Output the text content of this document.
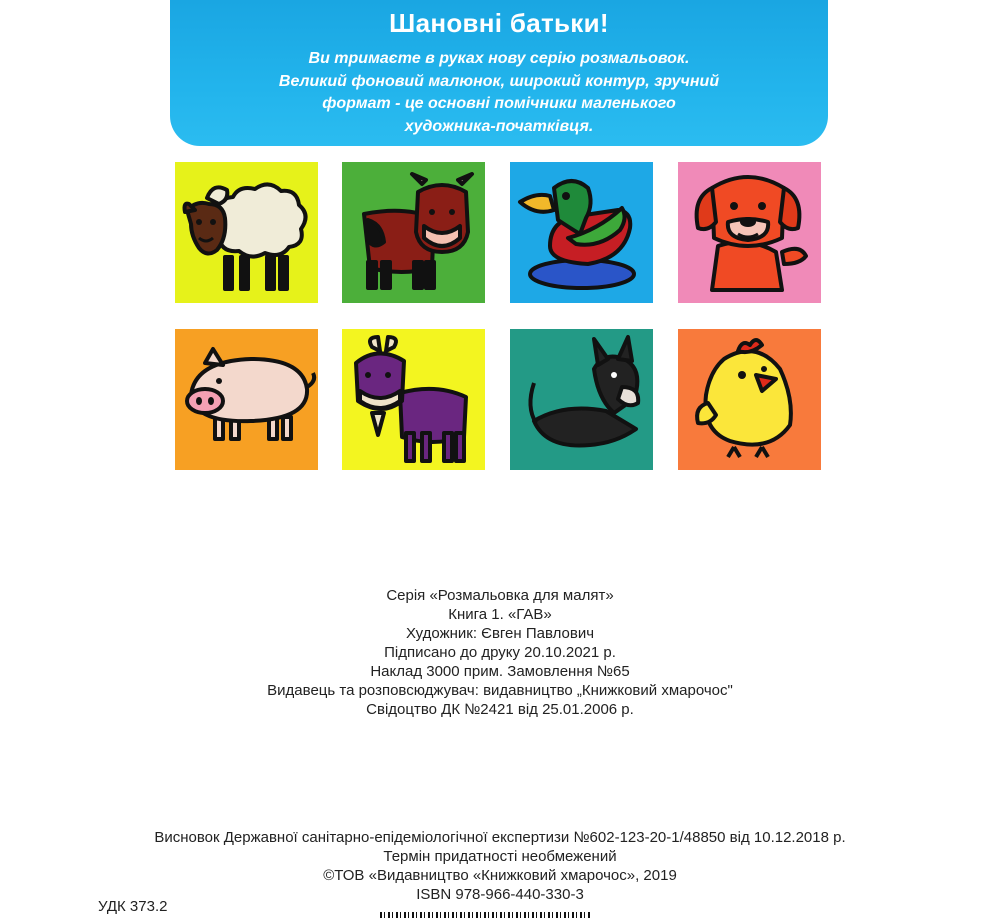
Шановні батьки!
Ви тримаєте в руках нову серію розмальовок.
Великий фоновий малюнок, широкий контур, зручний
формат - це основні помічники маленького
художника-початківця.
Серія «Розмальовка для малят»
Книга 1. «ГАВ»
Художник: Євген Павлович
Підписано до друку 20.10.2021 р.
Наклад 3000 прим. Замовлення №65
Видавець та розповсюджувач: видавництво „Книжковий хмарочос"
Свідоцтво ДК №2421 від 25.01.2006 р.
Висновок Державної санітарно-епідеміологічної експертизи №602-123-20-1/48850 від 10.12.2018 р.
Термін придатності необмежений
©ТОВ «Видавництво «Книжковий хмарочос», 2019
ISBN 978-966-440-330-3
УДК 373.2
